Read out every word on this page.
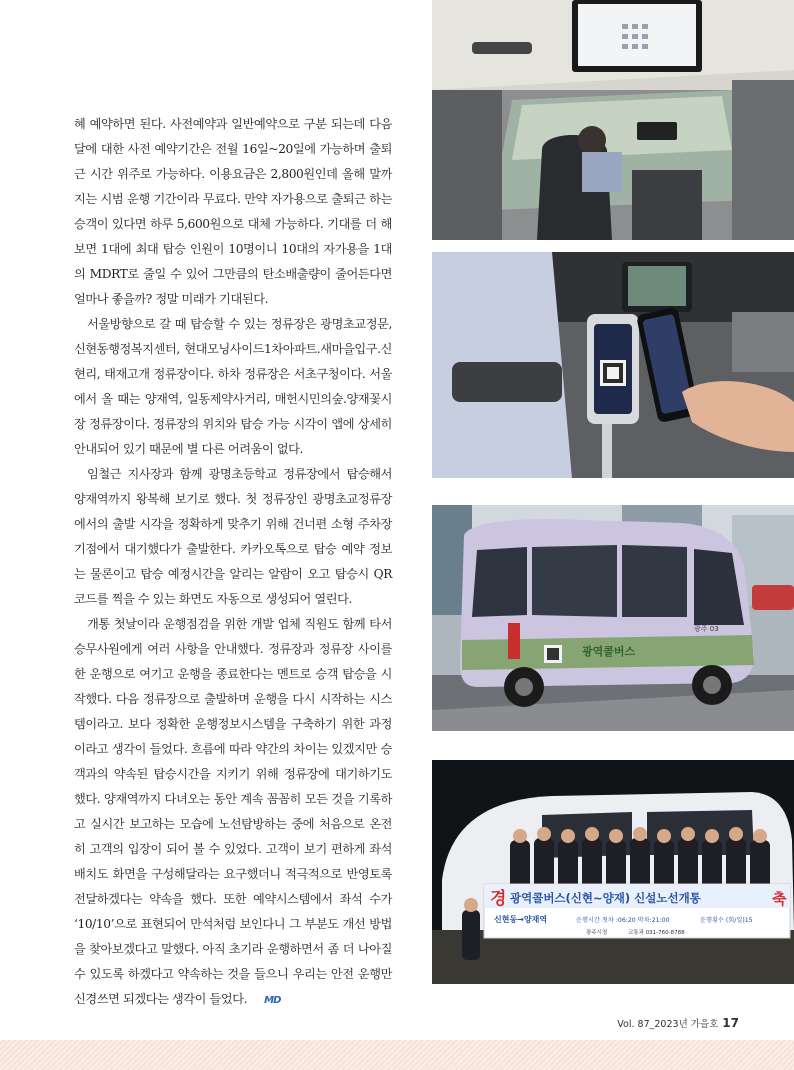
혜 예약하면 된다. 사전예약과 일반예약으로 구분 되는데 다음 달에 대한 사전 예약기간은 전월 16일~20일에 가능하며 출퇴근 시간 위주로 가능하다. 이용요금은 2,800원인데 올해 말까지는 시범 운행 기간이라 무료다. 만약 자가용으로 출퇴근 하는 승객이 있다면 하루 5,600원으로 대체 가능하다. 기대를 더 해보면 1대에 최대 탑승 인원이 10명이니 10대의 자가용을 1대의 MDRT로 줄일 수 있어 그만큼의 탄소배출량이 줄어든다면 얼마나 좋을까? 정말 미래가 기대된다.

서울방향으로 갈 때 탑승할 수 있는 정류장은 광명초교정문, 신현동행정복지센터, 현대모닝사이드1차아파트.새마을입구.신현리, 태재고개 정류장이다. 하차 정류장은 서초구청이다. 서울에서 올 때는 양재역, 일동제약사거리, 매헌시민의숲.양재꽃시장 정류장이다. 정류장의 위치와 탑승 가능 시각이 앱에 상세히 안내되어 있기 때문에 별 다른 어려움이 없다.

임철근 지사장과 함께 광명초등학교 정류장에서 탑승해서 양재역까지 왕복해 보기로 했다. 첫 정류장인 광명초교정류장 에서의 출발 시각을 정확하게 맞추기 위해 건너편 소형 주차장 기점에서 대기했다가 출발한다. 카카오톡으로 탑승 예약 정보는 물론이고 탑승 예정시간을 알리는 알람이 오고 탑승시 QR코드를 찍을 수 있는 화면도 자동으로 생성되어 열린다.

개통 첫날이라 운행점검을 위한 개발 업체 직원도 함께 타서 승무사원에게 여러 사항을 안내했다. 정류장과 정류장 사이를 한 운행으로 여기고 운행을 종료한다는 멘트로 승객 탑승을 시작했다. 다음 정류장으로 출발하며 운행을 다시 시작하는 시스템이라고. 보다 정확한 운행정보시스템을 구축하기 위한 과정이라고 생각이 들었다. 흐름에 따라 약간의 차이는 있겠지만 승객과의 약속된 탑승시간을 지키기 위해 정류장에 대기하기도 했다. 양재역까지 다녀오는 동안 계속 꼼꼼히 모든 것을 기록하고 실시간 보고하는 모습에 노선탐방하는 중에 처음으로 온전히 고객의 입장이 되어 볼 수 있었다. 고객이 보기 편하게 좌석 배치도 화면을 구성해달라는 요구했더니 적극적으로 반영토록 전달하겠다는 약속을 했다. 또한 예약시스템에서 좌석 수가 ‘10/10’으로 표현되어 만석처럼 보인다니 그 부분도 개선 방법을 찾아보겠다고 말했다. 아직 초기라 운행하면서 좀 더 나아질 수 있도록 하겠다고 약속하는 것을 들으니 우리는 안전 운행만 신경쓰면 되겠다는 생각이 들었다. MD

광역콜버스
광주 03
경 광역콜버스(신현~양재) 신설노선개통	축
신현동→양재역	운행시간 첫차 :06:20 막차:21:00	운행횟수 (회/일)15
광주시청	교통과 031-760-8788
Vol. 87_2023년 가을호 17
